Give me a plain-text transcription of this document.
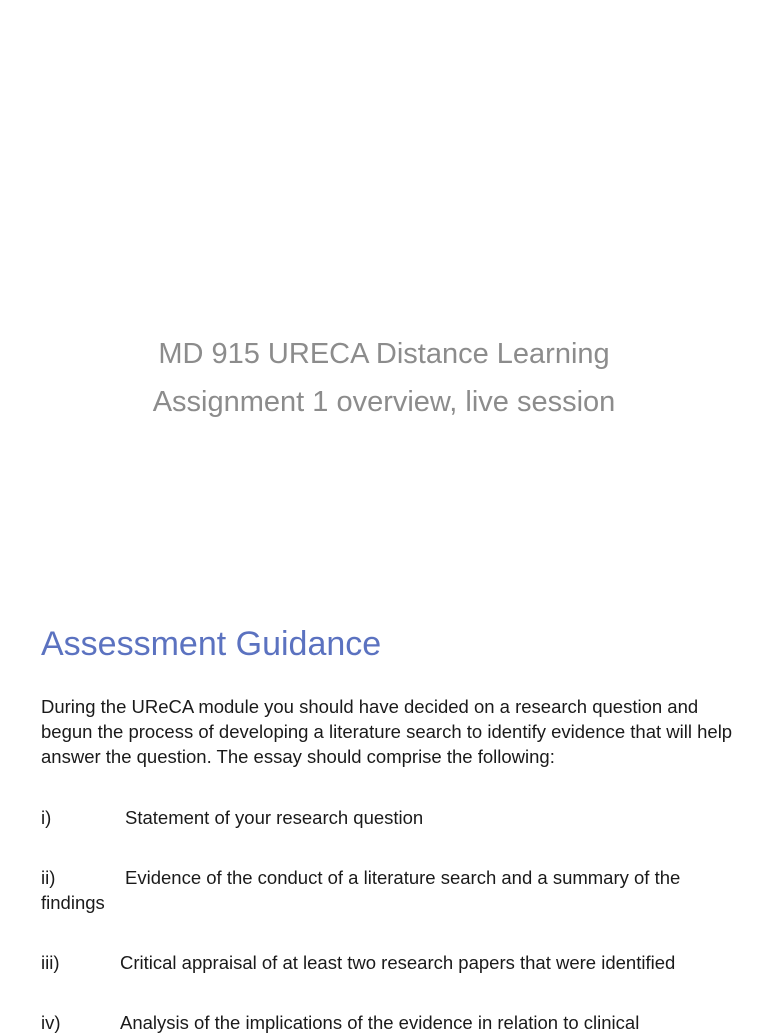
MD 915 URECA Distance Learning
Assignment 1 overview, live session
Assessment Guidance
During the UReCA module you should have decided on a research question and begun the process of developing a literature search to identify evidence that will help answer the question. The essay should comprise the following:
i)	Statement of your research question
ii)	Evidence of the conduct of a literature search and a summary of the findings
iii)	Critical appraisal of at least two research papers that were identified
iv)	Analysis of the implications of the evidence in relation to clinical
